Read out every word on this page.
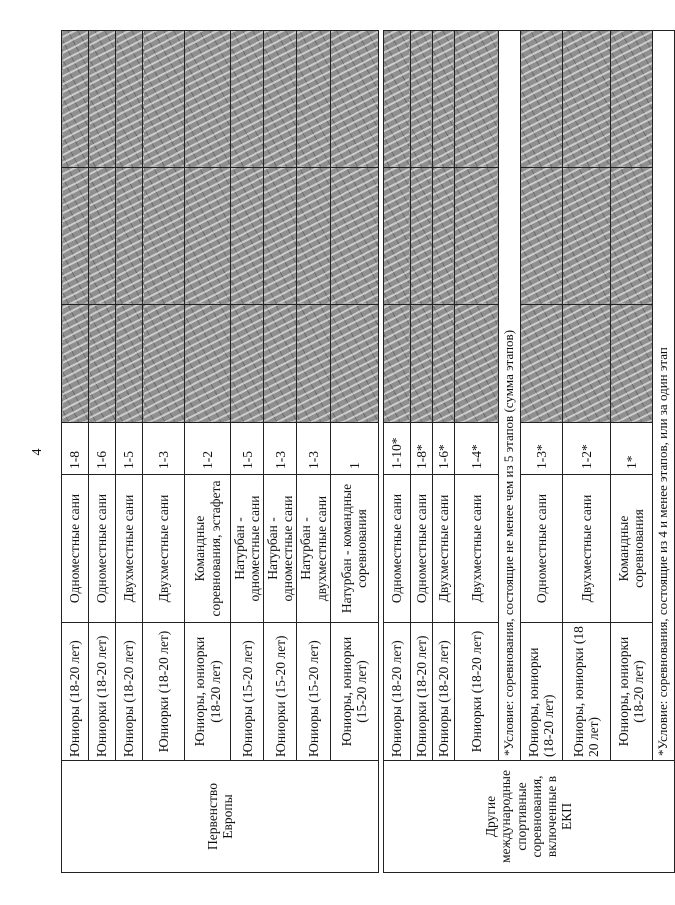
4
Первенство Европы	Юниоры (18-20 лет)	Одноместные сани	1-8			
	Юниорки (18-20 лет)	Одноместные сани	1-6			
	Юниоры (18-20 лет)	Двухместные сани	1-5			
	Юниорки (18-20 лет)	Двухместные сани	1-3			
	Юниоры, юниорки (18-20 лет)	Командные соревнования, эстафета	1-2			
	Юниоры (15-20 лет)	Натурбан - одноместные сани	1-5			
	Юниорки (15-20 лет)	Натурбан - одноместные сани	1-3			
	Юниоры (15-20 лет)	Натурбан - двухместные сани	1-3			
	Юниоры, юниорки (15-20 лет)	Натурбан - командные соревнования	1			

Другие международные спортивные соревнования, включенные в ЕКП	Юниоры (18-20 лет)	Одноместные сани	1-10*			
	Юниорки (18-20 лет)	Одноместные сани	1-8*			
	Юниоры (18-20 лет)	Двухместные сани	1-6*			
	Юниорки (18-20 лет)	Двухместные сани	1-4*			
	*Условие: соревнования, состоящие не менее чем из 5 этапов (сумма этапов)					
	Юниоры, юниорки (18-20 лет)	Одноместные сани	1-3*			
	Юниоры, юниорки (18 20 лет)	Двухместные сани	1-2*			
	Юниоры, юниорки (18-20 лет)	Командные соревнования	1*			
	*Условие: соревнования, состоящие из 4 и менее этапов, или за один этап					
